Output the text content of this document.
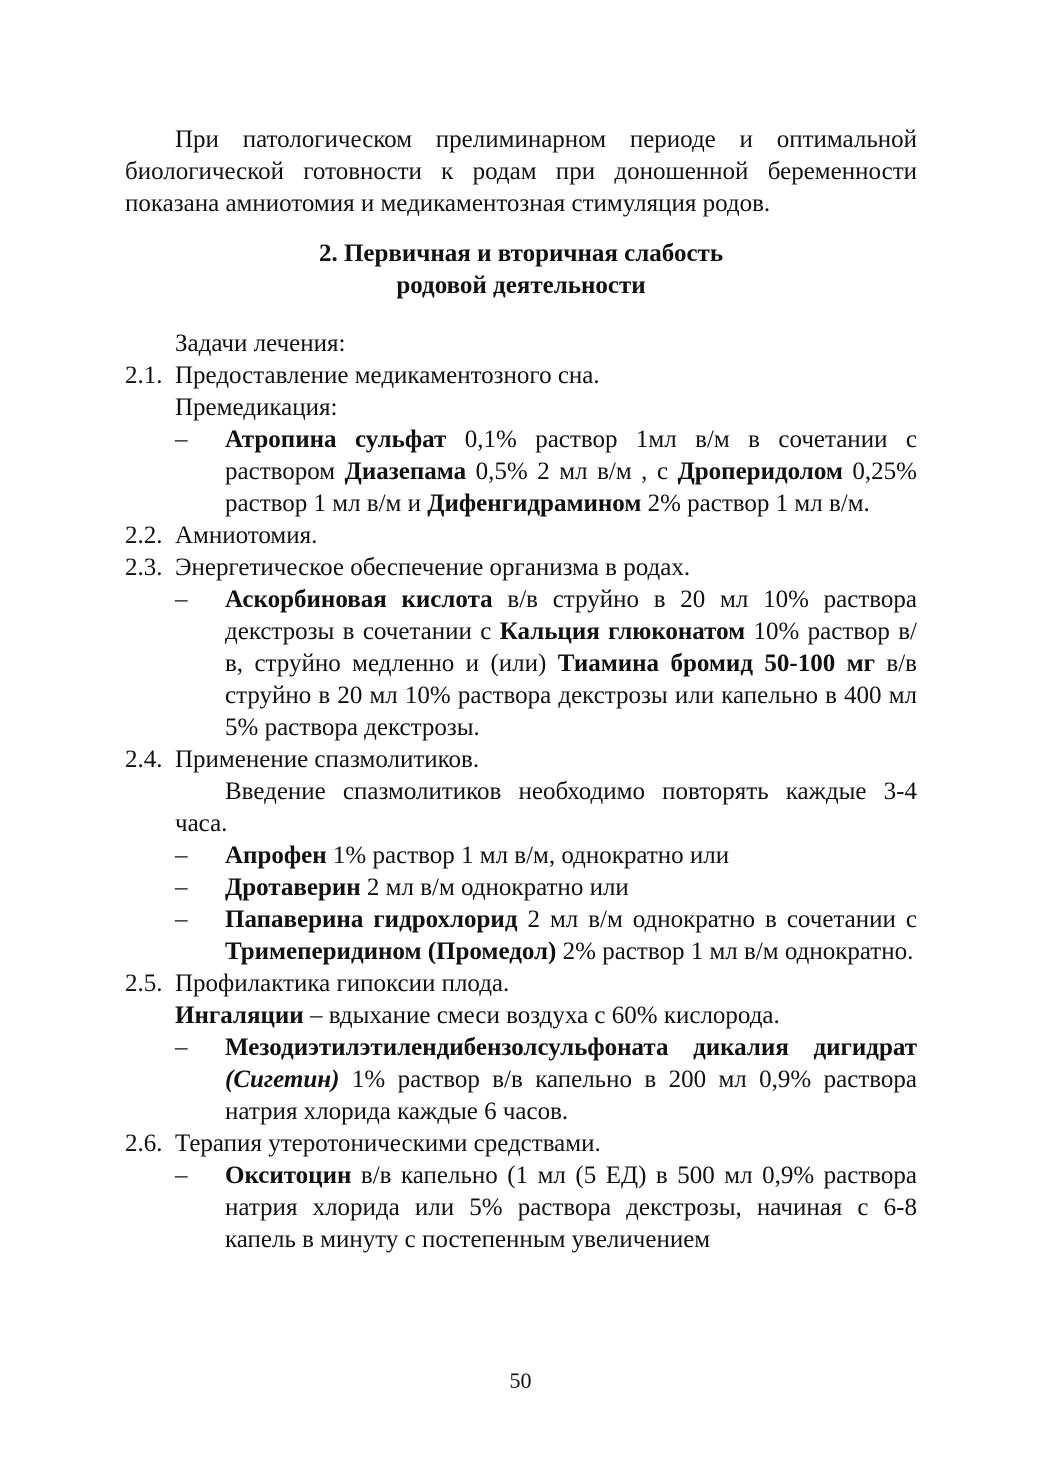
При патологическом прелиминарном периоде и оптимальной биологической готовности к родам при доношенной беременности показана амниотомия и медикаментозная стимуляция родов.

2. Первичная и вторичная слабость

родовой деятельности

Задачи лечения:

2.1. Предоставление медикаментозного сна.

Премедикация:

– Атропина сульфат 0,1% раствор 1мл в/м в сочетании с раствором Диазепама 0,5% 2 мл в/м , с Дроперидолом 0,25% раствор 1 мл в/м и Дифенгидрамином 2% раствор 1 мл в/м.

2.2. Амниотомия.

2.3. Энергетическое обеспечение организма в родах.

– Аскорбиновая кислота в/в струйно в 20 мл 10% раствора декстрозы в сочетании с Кальция глюконатом 10% раствор в/в, струйно медленно и (или) Тиамина бромид 50-100 мг в/в струйно в 20 мл 10% раствора декстрозы или капельно в 400 мл 5% раствора декстрозы.

2.4. Применение спазмолитиков.

Введение спазмолитиков необходимо повторять каждые 3-4 часа.

– Апрофен 1% раствор 1 мл в/м, однократно или

– Дротаверин 2 мл в/м однократно или

– Папаверина гидрохлорид 2 мл в/м однократно в сочетании с Тримеперидином (Промедол) 2% раствор 1 мл в/м однократно.

2.5. Профилактика гипоксии плода.

Ингаляции – вдыхание смеси воздуха с 60% кислорода.

– Мезодиэтилэтилендибензолсульфоната дикалия дигидрат (Сигетин) 1% раствор в/в капельно в 200 мл 0,9% раствора натрия хлорида каждые 6 часов.

2.6. Терапия утеротоническими средствами.

– Окситоцин в/в капельно (1 мл (5 ЕД) в 500 мл 0,9% раствора натрия хлорида или 5% раствора декстрозы, начиная с 6-8 капель в минуту с постепенным увеличением

50
